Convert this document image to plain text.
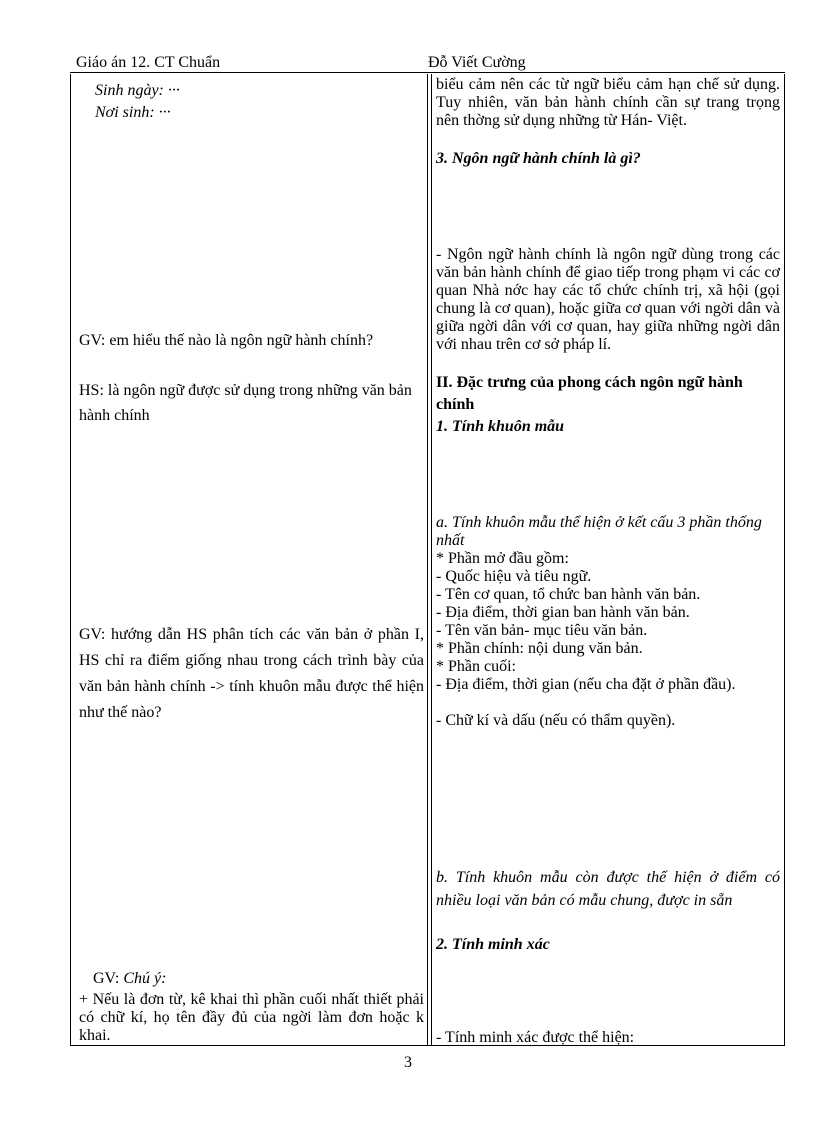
Giáo án 12. CT Chuẩn	Đỗ Viết Cường
Sinh ngày: ···
Nơi sinh: ···
GV: em hiểu thế nào là ngôn ngữ hành chính?
HS: là ngôn ngữ được sử dụng trong những văn bản hành chính
GV: hướng dẫn HS phân tích các văn bản ở phần I, HS chỉ ra điểm giống nhau trong cách trình bày của văn bản hành chính -> tính khuôn mẫu được thể hiện như thế nào?
GV: Chú ý:
+ Nếu là đơn từ, kê khai thì phần cuối nhất thiết phải có chữ kí, họ tên đầy đủ của ngời làm đơn hoặc k khai.
biểu cảm nên các từ ngữ biểu cảm hạn chế sử dụng. Tuy nhiên, văn bản hành chính cần sự trang trọng nên thờng sử dụng những từ Hán- Việt.
3. Ngôn ngữ hành chính là gì?
- Ngôn ngữ hành chính là ngôn ngữ dùng trong các văn bản hành chính để giao tiếp trong phạm vi các cơ quan Nhà nớc hay các tổ chức chính trị, xã hội (gọi chung là cơ quan), hoặc giữa cơ quan với ngời dân và giữa ngời dân với cơ quan, hay giữa những ngời dân với nhau trên cơ sở pháp lí.
II. Đặc trưng của phong cách ngôn ngữ hành chính
1. Tính khuôn mẫu
a. Tính khuôn mẫu thể hiện ở kết cấu 3 phần thống nhất
* Phần mở đầu gồm:
- Quốc hiệu và tiêu ngữ.
- Tên cơ quan, tổ chức ban hành văn bản.
- Địa điểm, thời gian ban hành văn bản.
- Tên văn bản- mục tiêu văn bản.
* Phần chính: nội dung văn bản.
* Phần cuối:
- Địa điểm, thời gian (nếu cha đặt ở phần đầu).
- Chữ kí và dấu (nếu có thẩm quyền).
b. Tính khuôn mẫu còn được thể hiện ở điểm có nhiều loại văn bản có mẫu chung, được in sẵn
2. Tính minh xác
- Tính minh xác được thể hiện:
3
